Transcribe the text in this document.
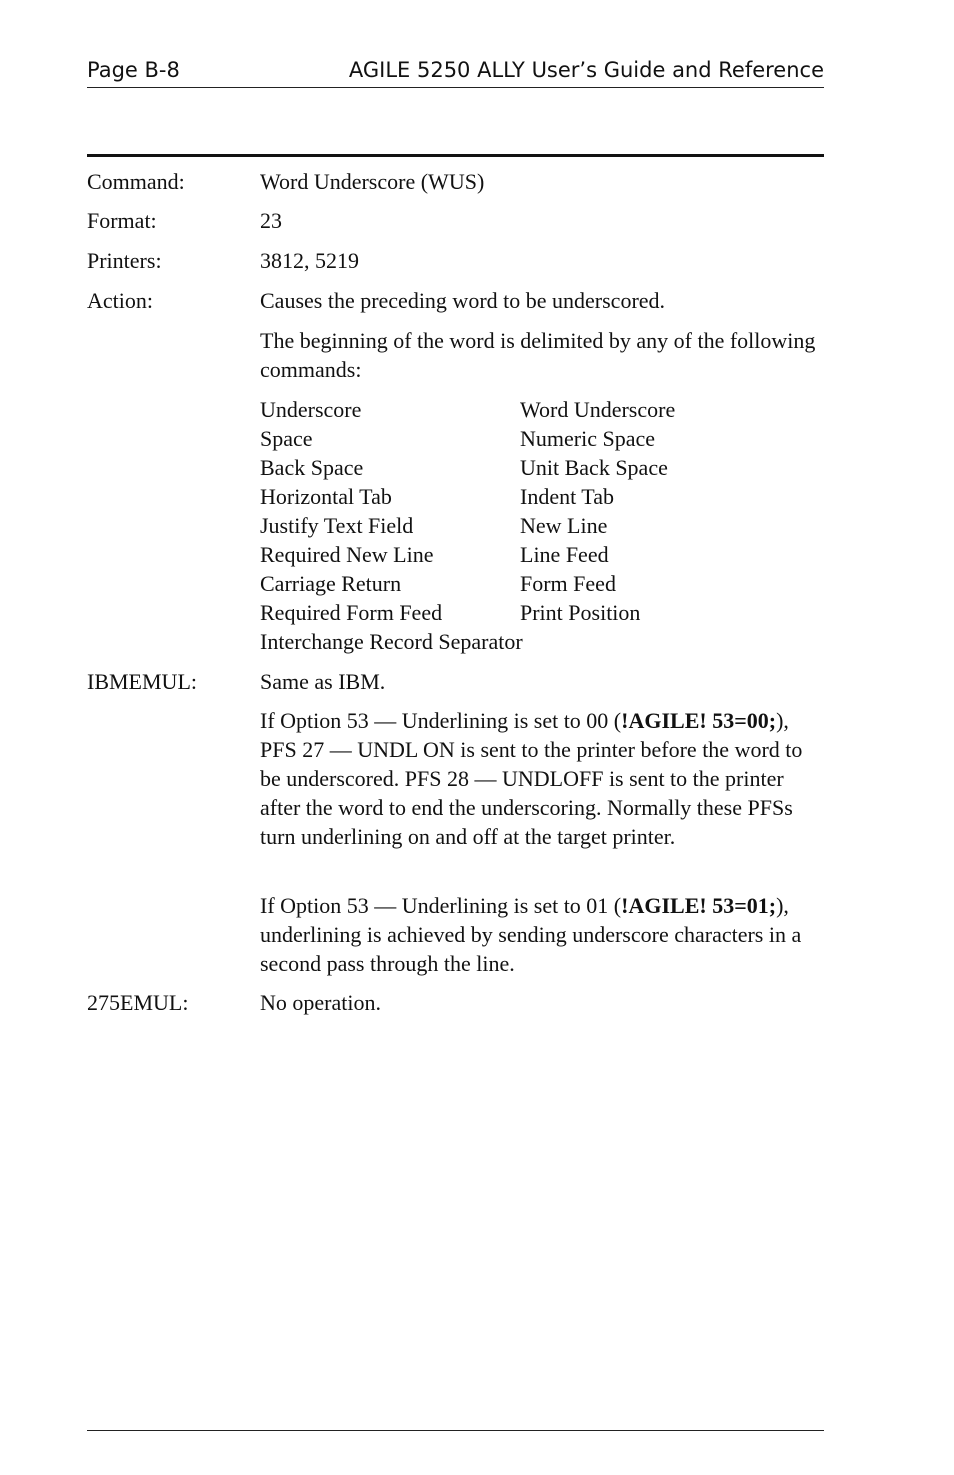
Page B-8	AGILE 5250 ALLY User’s Guide and Reference
Command:	Word Underscore (WUS)
Format:	23
Printers:	3812, 5219
Action:	Causes the preceding word to be underscored.
The beginning of the word is delimited by any of the following commands:
Underscore	Word Underscore
Space	Numeric Space
Back Space	Unit Back Space
Horizontal Tab	Indent Tab
Justify Text Field	New Line
Required New Line	Line Feed
Carriage Return	Form Feed
Required Form Feed	Print Position
Interchange Record Separator
IBMEMUL:	Same as IBM.
If Option 53 — Underlining is set to 00 (!AGILE! 53=00;), PFS 27 — UNDL ON is sent to the printer before the word to be underscored. PFS 28 — UNDLOFF is sent to the printer after the word to end the underscoring. Normally these PFSs turn underlining on and off at the target printer.
If Option 53 — Underlining is set to 01 (!AGILE! 53=01;), underlining is achieved by sending underscore characters in a second pass through the line.
275EMUL:	No operation.
